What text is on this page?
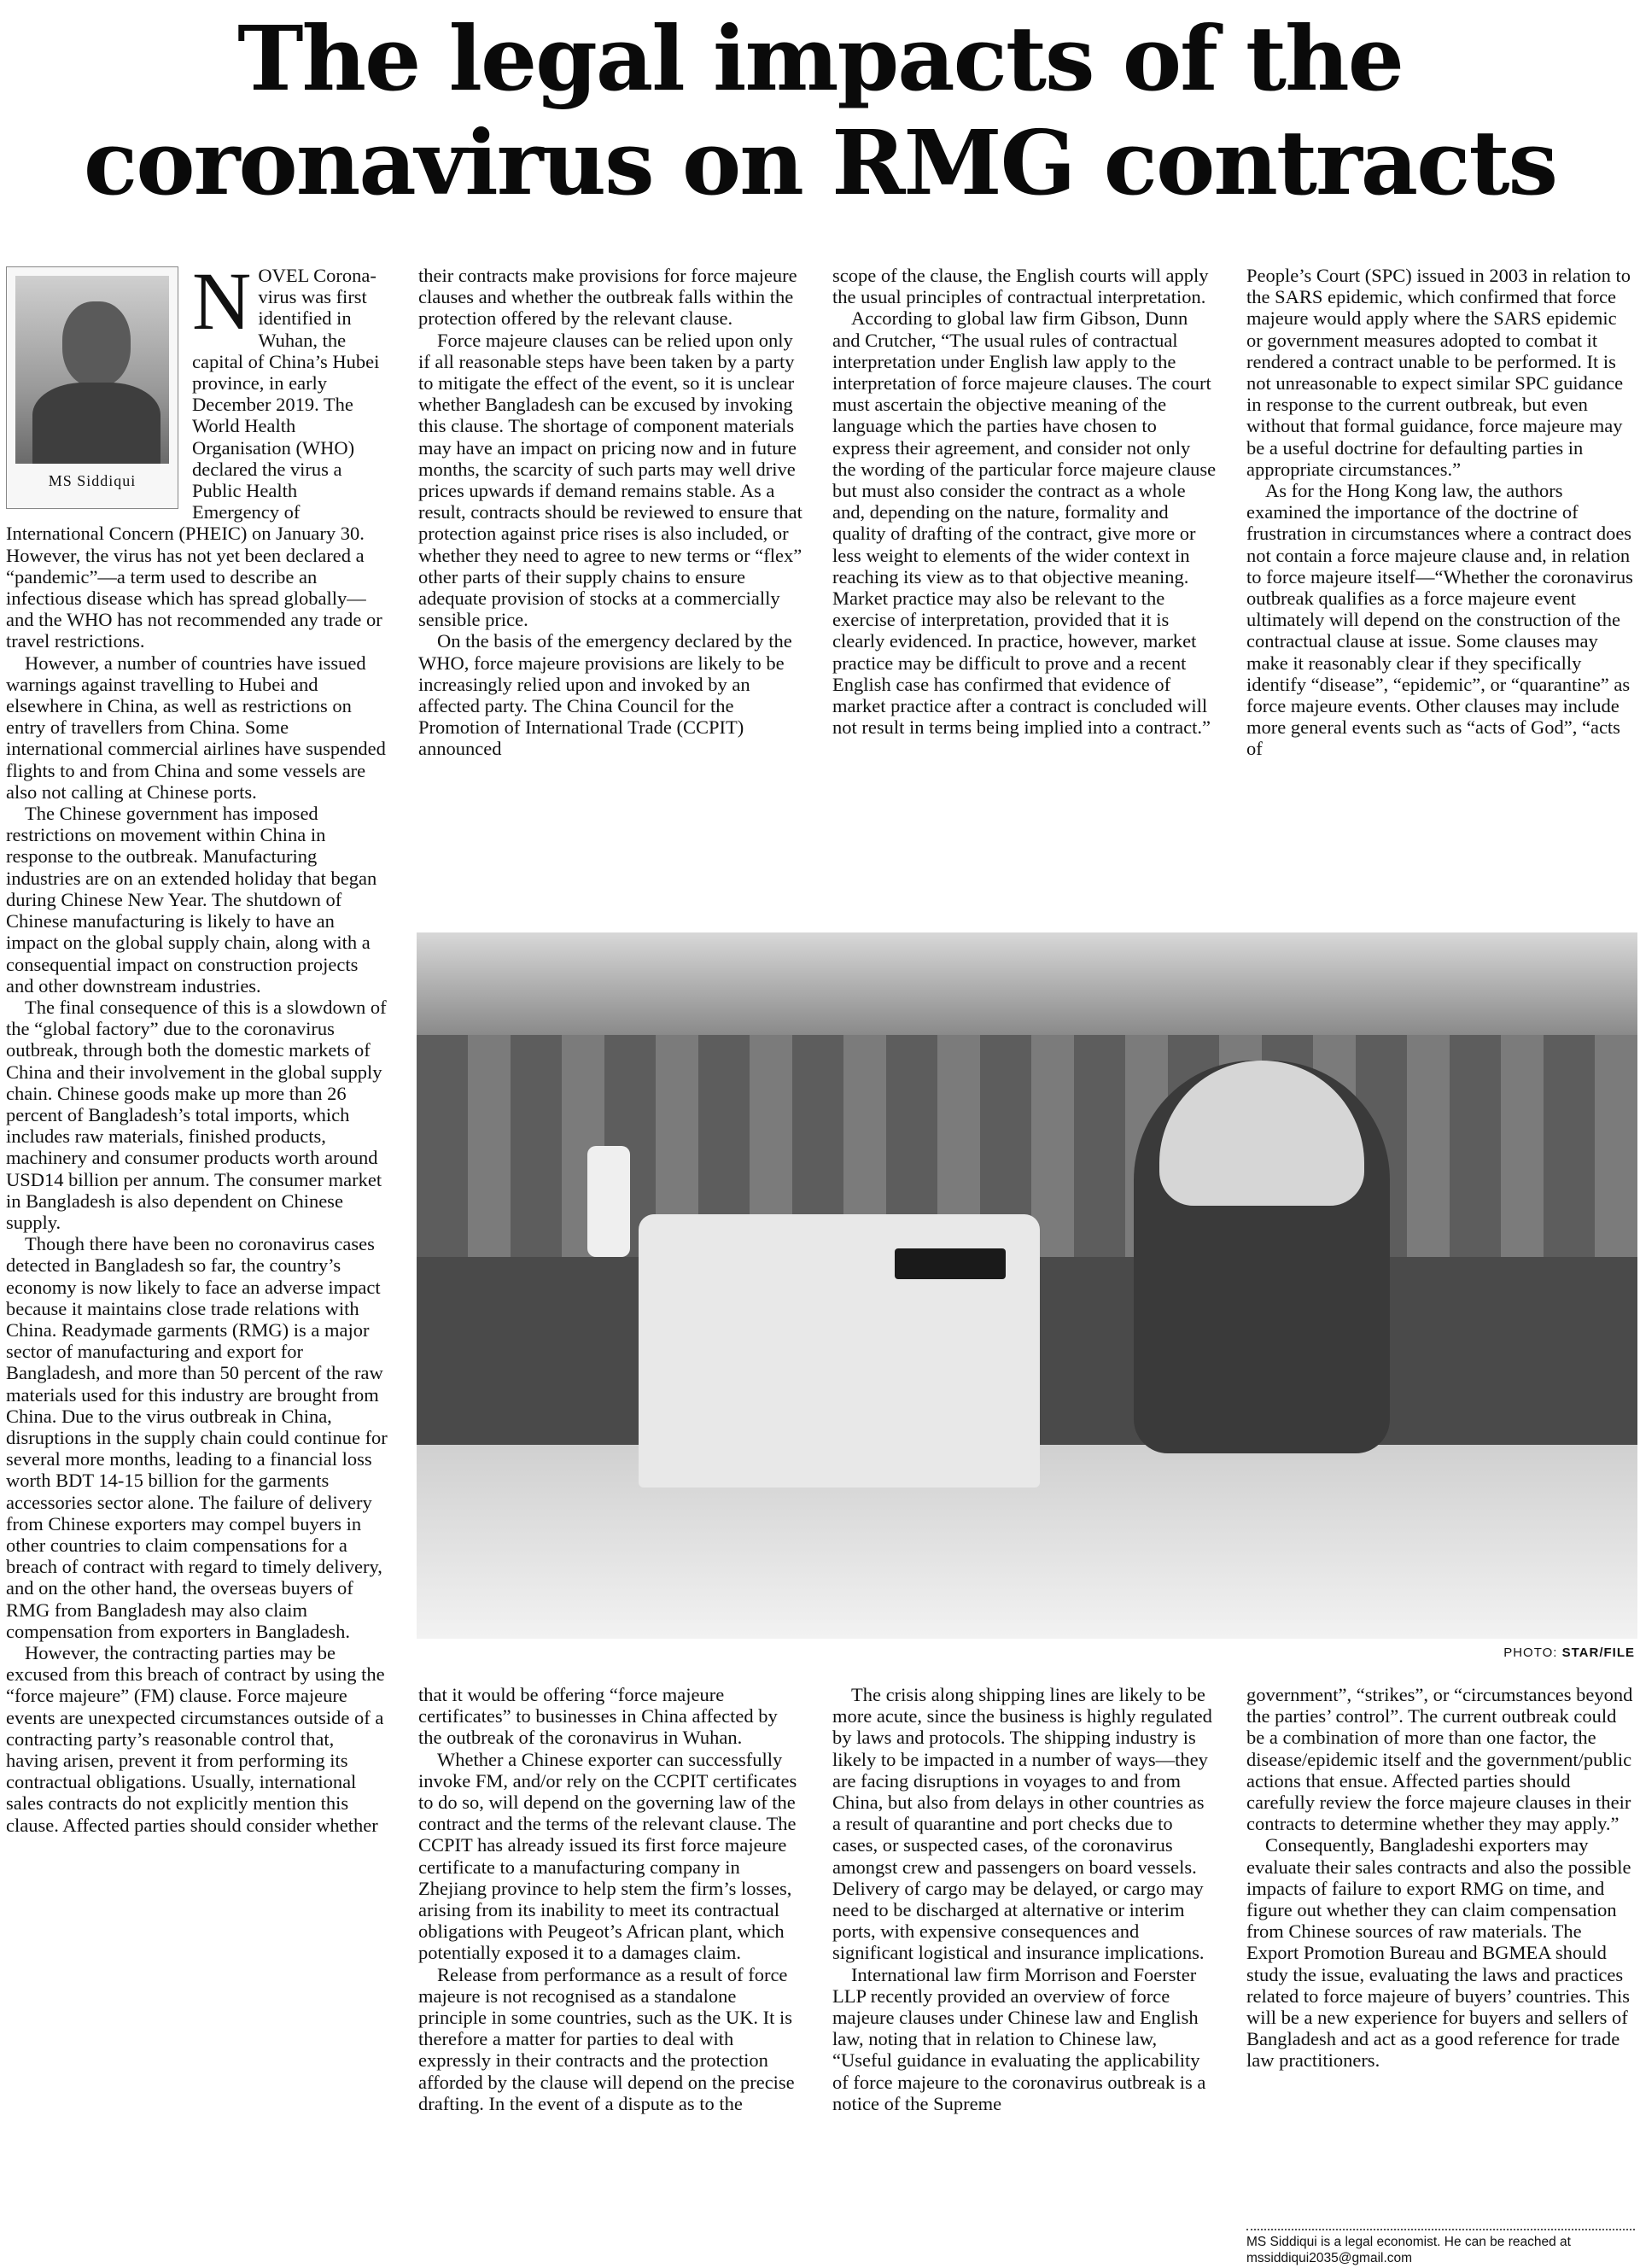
The legal impacts of the
coronavirus on RMG contracts
MS Siddiqui

NOVEL Corona-virus was first identified in Wuhan, the capital of China’s Hubei province, in early December 2019. The World Health Organisation (WHO) declared the virus a Public Health Emergency of International Concern (PHEIC) on January 30. However, the virus has not yet been declared a “pandemic”—a term used to describe an infectious disease which has spread globally—and the WHO has not recommended any trade or travel restrictions.

However, a number of countries have issued warnings against travelling to Hubei and elsewhere in China, as well as restrictions on entry of travellers from China. Some international commercial airlines have suspended flights to and from China and some vessels are also not calling at Chinese ports.

The Chinese government has imposed restrictions on movement within China in response to the outbreak. Manufacturing industries are on an extended holiday that began during Chinese New Year. The shutdown of Chinese manufacturing is likely to have an impact on the global supply chain, along with a consequential impact on construction projects and other downstream industries.

The final consequence of this is a slowdown of the “global factory” due to the coronavirus outbreak, through both the domestic markets of China and their involvement in the global supply chain. Chinese goods make up more than 26 percent of Bangladesh’s total imports, which includes raw materials, finished products, machinery and consumer products worth around USD14 billion per annum. The consumer market in Bangladesh is also dependent on Chinese supply.

Though there have been no coronavirus cases detected in Bangladesh so far, the country’s economy is now likely to face an adverse impact because it maintains close trade relations with China. Readymade garments (RMG) is a major sector of manufacturing and export for Bangladesh, and more than 50 percent of the raw materials used for this industry are brought from China. Due to the virus outbreak in China, disruptions in the supply chain could continue for several more months, leading to a financial loss worth BDT 14-15 billion for the garments accessories sector alone. The failure of delivery from Chinese exporters may compel buyers in other countries to claim compensations for a breach of contract with regard to timely delivery, and on the other hand, the overseas buyers of RMG from Bangladesh may also claim compensation from exporters in Bangladesh.

However, the contracting parties may be excused from this breach of contract by using the “force majeure” (FM) clause. Force majeure events are unexpected circumstances outside of a contracting party’s reasonable control that, having arisen, prevent it from performing its contractual obligations. Usually, international sales contracts do not explicitly mention this clause. Affected parties should consider whether

their contracts make provisions for force majeure clauses and whether the outbreak falls within the protection offered by the relevant clause.

Force majeure clauses can be relied upon only if all reasonable steps have been taken by a party to mitigate the effect of the event, so it is unclear whether Bangladesh can be excused by invoking this clause. The shortage of component materials may have an impact on pricing now and in future months, the scarcity of such parts may well drive prices upwards if demand remains stable. As a result, contracts should be reviewed to ensure that protection against price rises is also included, or whether they need to agree to new terms or “flex” other parts of their supply chains to ensure adequate provision of stocks at a commercially sensible price.

On the basis of the emergency declared by the WHO, force majeure provisions are likely to be increasingly relied upon and invoked by an affected party. The China Council for the Promotion of International Trade (CCPIT) announced

scope of the clause, the English courts will apply the usual principles of contractual interpretation.

According to global law firm Gibson, Dunn and Crutcher, “The usual rules of contractual interpretation under English law apply to the interpretation of force majeure clauses. The court must ascertain the objective meaning of the language which the parties have chosen to express their agreement, and consider not only the wording of the particular force majeure clause but must also consider the contract as a whole and, depending on the nature, formality and quality of drafting of the contract, give more or less weight to elements of the wider context in reaching its view as to that objective meaning. Market practice may also be relevant to the exercise of interpretation, provided that it is clearly evidenced. In practice, however, market practice may be difficult to prove and a recent English case has confirmed that evidence of market practice after a contract is concluded will not result in terms being implied into a contract.”

People’s Court (SPC) issued in 2003 in relation to the SARS epidemic, which confirmed that force majeure would apply where the SARS epidemic or government measures adopted to combat it rendered a contract unable to be performed. It is not unreasonable to expect similar SPC guidance in response to the current outbreak, but even without that formal guidance, force majeure may be a useful doctrine for defaulting parties in appropriate circumstances.”

As for the Hong Kong law, the authors examined the importance of the doctrine of frustration in circumstances where a contract does not contain a force majeure clause and, in relation to force majeure itself—“Whether the coronavirus outbreak qualifies as a force majeure event ultimately will depend on the construction of the contractual clause at issue. Some clauses may make it reasonably clear if they specifically identify “disease”, “epidemic”, or “quarantine” as force majeure events. Other clauses may include more general events such as “acts of God”, “acts of

PHOTO: STAR/FILE

that it would be offering “force majeure certificates” to businesses in China affected by the outbreak of the coronavirus in Wuhan.

Whether a Chinese exporter can successfully invoke FM, and/or rely on the CCPIT certificates to do so, will depend on the governing law of the contract and the terms of the relevant clause. The CCPIT has already issued its first force majeure certificate to a manufacturing company in Zhejiang province to help stem the firm’s losses, arising from its inability to meet its contractual obligations with Peugeot’s African plant, which potentially exposed it to a damages claim.

Release from performance as a result of force majeure is not recognised as a standalone principle in some countries, such as the UK. It is therefore a matter for parties to deal with expressly in their contracts and the protection afforded by the clause will depend on the precise drafting. In the event of a dispute as to the

The crisis along shipping lines are likely to be more acute, since the business is highly regulated by laws and protocols. The shipping industry is likely to be impacted in a number of ways—they are facing disruptions in voyages to and from China, but also from delays in other countries as a result of quarantine and port checks due to cases, or suspected cases, of the coronavirus amongst crew and passengers on board vessels. Delivery of cargo may be delayed, or cargo may need to be discharged at alternative or interim ports, with expensive consequences and significant logistical and insurance implications.

International law firm Morrison and Foerster LLP recently provided an overview of force majeure clauses under Chinese law and English law, noting that in relation to Chinese law, “Useful guidance in evaluating the applicability of force majeure to the coronavirus outbreak is a notice of the Supreme

government”, “strikes”, or “circumstances beyond the parties’ control”. The current outbreak could be a combination of more than one factor, the disease/epidemic itself and the government/public actions that ensue. Affected parties should carefully review the force majeure clauses in their contracts to determine whether they may apply.”

Consequently, Bangladeshi exporters may evaluate their sales contracts and also the possible impacts of failure to export RMG on time, and figure out whether they can claim compensation from Chinese sources of raw materials. The Export Promotion Bureau and BGMEA should study the issue, evaluating the laws and practices related to force majeure of buyers’ countries. This will be a new experience for buyers and sellers of Bangladesh and act as a good reference for trade law practitioners.

MS Siddiqui is a legal economist. He can be reached at mssiddiqui2035@gmail.com
